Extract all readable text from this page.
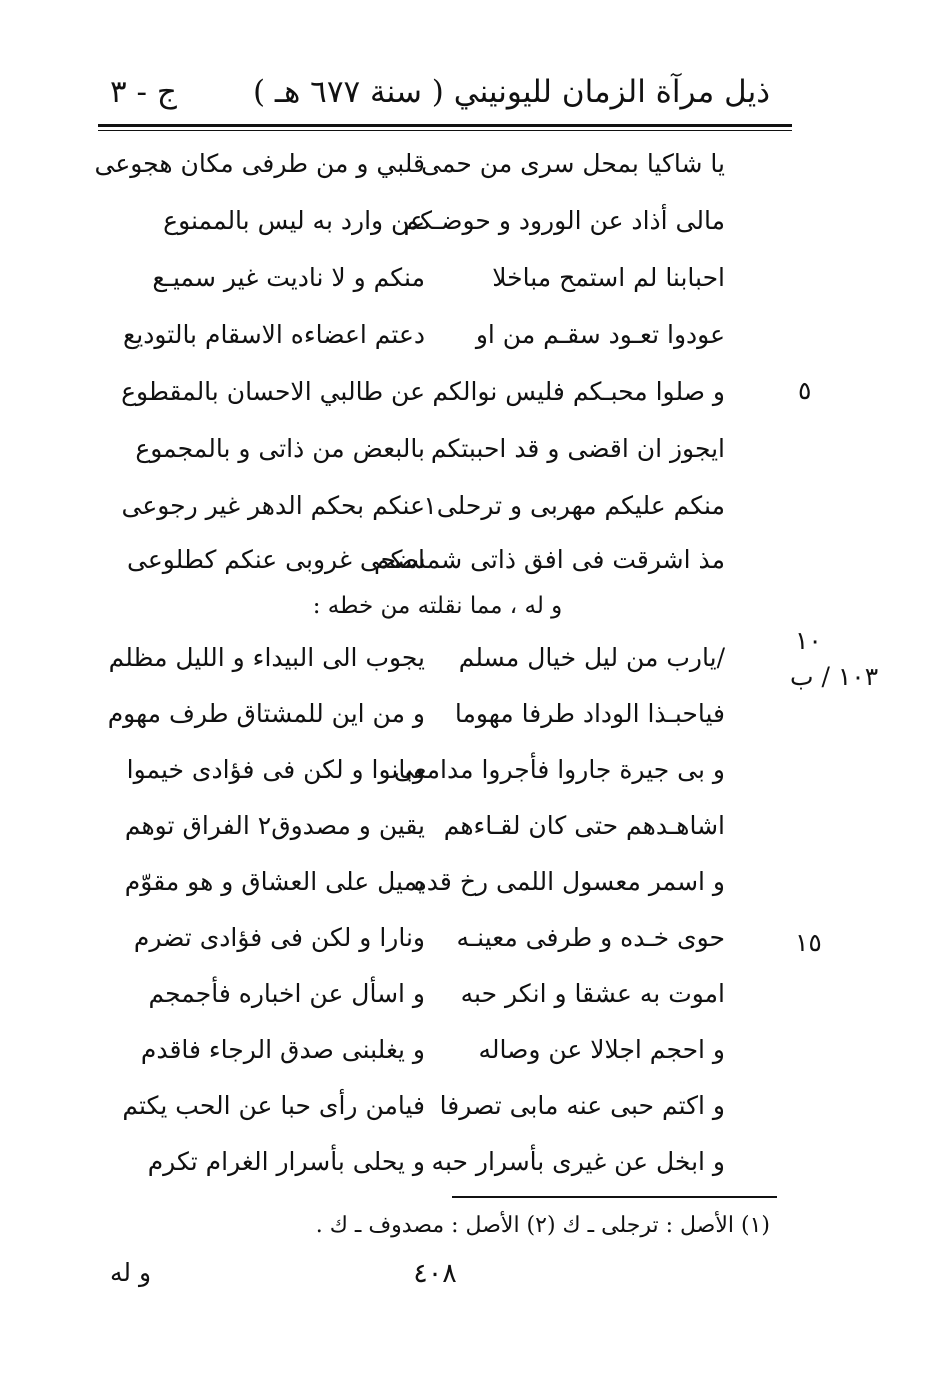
ذيل مرآة الزمان لليونيني ( سنة ٦٧٧ هـ )
ج - ٣
يا شاكيا بمحل سرى من حمى
قلبي و من طرفى مكان هجوعى
مالى أذاد عن الورود و حوضـكم
عن وارد به ليس بالممنوع
احبابنا لم استمح مباخلا
منكم و لا ناديت غير سميـع
عودوا تعـود سقـم من او
دعتم اعضاءه الاسقام بالتوديع
و صلوا محبـكم فليس نوالكم
عن طالبي الاحسان بالمقطوع
ايجوز ان اقضى و قد احببتكم
بالبعض من ذاتى و بالمجموع
منكم عليكم مهربى و ترحلى١
عنكم بحكم الدهر غير رجوعى
مذ اشرقت فى افق ذاتى شمسكم
اضحى غروبى عنكم كطلوعى
و له ، مما نقلته من خطه :
/يارب من ليل خيال مسلم
يجوب الى البيداء و الليل مظلم
فياحبـذا الوداد طرفا مهوما
و من اين للمشتاق طرف مهوم
و بى جيرة جاروا فأجروا مدامعى
وبانوا و لكن فى فؤادى خيموا
اشاهـدهم حتى كان لقـاءهم
يقين و مصدوق٢ الفراق توهم
و اسمر معسول اللمى رخ قده
يميل على العشاق و هو مقوّم
حوى خـده و طرفى معينـه
ونارا و لكن فى فؤادى تضرم
اموت به عشقا و انكر حبه
و اسأل عن اخباره فأجمجم
و احجم اجلالا عن وصاله
و يغلبنى صدق الرجاء فاقدم
و اكتم حبى عنه مابى تصرفا
فيامن رأى حبا عن الحب يكتم
و ابخل عن غيرى بأسرار حبه
و يحلى بأسرار الغرام تكرم
٥
١٠
١٠٣ / ب
١٥
(١) الأصل : ترجلى ـ ك (٢) الأصل : مصدوف ـ ك .
٤٠٨
و له
